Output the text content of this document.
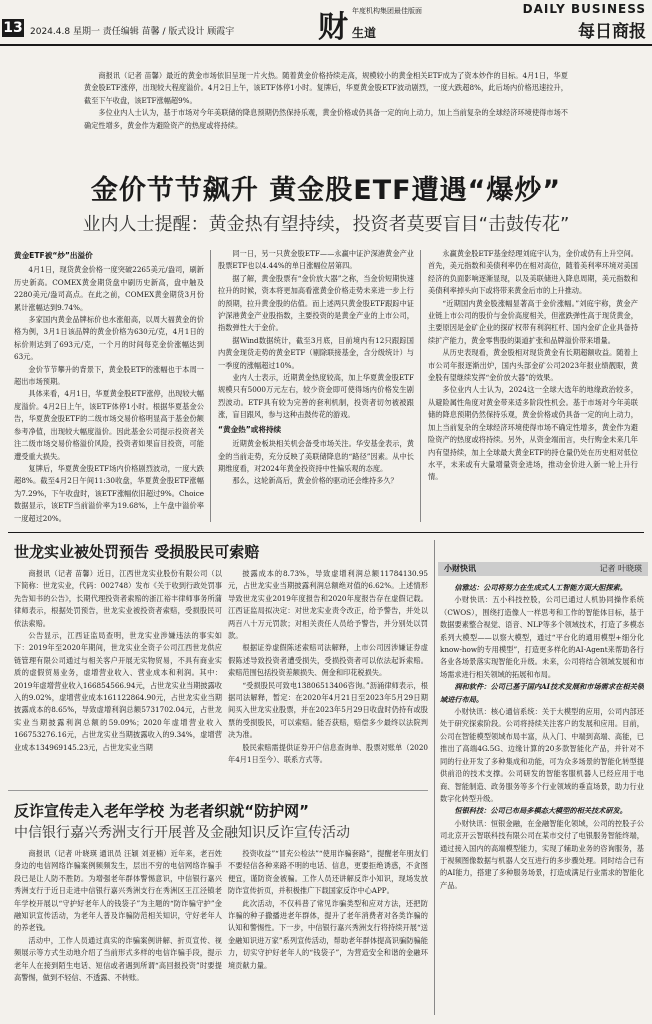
13 2024.4.8 星期一 责任编辑 苗馨 / 版式设计 顾霞宇	财 年度机构集团最佳版面
生道
DAILY BUSINESS
每日商报

商报讯（记者 苗馨）最近的黄金市场依旧呈现一片火热。随着黄金价格持续走高，规模较小的黄金相关ETF成为了资本炒作的目标。4月1日，华夏黄金股ETF涨停，出现较大程度溢价。4月2日上午，该ETF体停1小时。复牌后，华夏黄金股ETF波动剧烈，一度大跌超8%，此后场内价格迅速拉升，截至下午收盘，该ETF涨幅超9%。

多位业内人士认为，基于市场对今年美联储的降息预期仍然保持乐观，黄金价格或仍具备一定的向上动力，加上当前复杂的全球经济环境使得市场不确定性增多，黄金作为避险资产的热度或将持续。

金价节节飙升 黄金股ETF遭遇“爆炒”
业内人士提醒：黄金热有望持续，投资者莫要盲目“击鼓传花”
黄金ETF被“炒”出溢价

4月1日，现货黄金价格一度突破2265美元/盎司，刷新历史新高。COMEX黄金期货盘中刷历史新高，盘中触及2280美元/盎司高点。在此之前，COMEX黄金期货3月份累计涨幅达到9.74%。

多家国内黄金品牌标价也水涨船高，以周大福黄金的价格为例，3月1日该品牌的黄金价格为630元/克，4月1日的标价则达到了693元/克，一个月的时间每克金价涨幅达到63元。

金价节节攀升的背景下，黄金股ETF的涨幅也于本周一超出市场预期。

具体来看，4月1日，华夏黄金股ETF涨停，出现较大幅度溢价。4月2日上午，该ETF体停1小时。根据华夏基金公告，华夏黄金股ETF的二级市场交易价格明显高于基金份额参考净值，出现较大幅度溢价。因此基金公司提示投资者关注二级市场交易价格溢价风险，投资者如果盲目投资，可能遭受重大损失。

复牌后，华夏黄金股ETF场内价格剧烈波动，一度大跌超8%。截至4月2日午间11:30收盘，华夏黄金股ETF涨幅为7.29%，下午收盘时，该ETF涨幅依旧超过9%。Choice数据显示，该ETF当前溢价率为19.68%，上午盘中溢价率一度超过20%。

同一日，另一只黄金股ETF——永赢中证沪深港黄金产业股票ETF也以4.44%的单日涨幅位居第四。

据了解，黄金股票有“金价放大器”之称，当金价短期快速拉升的时候，资本将更加高看涨黄金价格走势未来进一步上行的预期，拉升黄金股的估值。而上述两只黄金股ETF跟踪中证沪深港黄金产业股指数，主要投资的是黄金产业的上市公司，指数弹性大于金价。

据Wind数据统计，截至3月底，目前境内有12只跟踪国内黄金现货走势的黄金ETF（剔除联接基金，含分级统计）与一季度的涨幅超过10%。

业内人士表示，近期黄金热度较高，加上华夏黄金股ETF规模只有5000万元左右，较少资金即可使得场内价格发生剧烈波动。ETF具有较为完善的套利机制，投资者切勿被被跟涨，盲目跟风，参与这种击鼓传花的游戏。

“黄金热”或将持续

近期黄金板块相关机会备受市场关注。华安基金表示，黄金的当前走势，充分反映了美联储降息的“路径”因素。从中长期维度看，对2024年黄金投资持中性偏乐观的态度。

那么，这轮新高后，黄金价格的驱动还会维持多久？

永赢黄金股ETF基金经理刘庭宇认为，金价或仍有上升空间。首先，美元指数和美债利率仍在相对高位，随着美利率环境对美国经济的负面影响逐渐显现，以及美联储进入降息周期，美元指数和美债利率掉头向下或将带来黄金后市的上升推动。

“近期国内黄金股涨幅显著高于金价涨幅。”刘庭宇称，黄金产业链上市公司的股价与金价高度相关，但涨跌弹性高于现货黄金，主要原因是金矿企业的探矿权带有利润杠杆、国内金矿企业具备持续扩产能力，黄金零售股的渠道扩张和品牌溢价带来增量。

从历史表现看，黄金股相对现货黄金有长期超额收益。随着上市公司年报逐渐出炉，国内头部金矿公司2023年报业绩靓眼，黄金股有望继续发挥“金价放大器”的效果。

多位业内人士认为，2024这一全球大选年的地缘政治较多，从避险属性角度对黄金带来适多阶段性机会。基于市场对今年美联储的降息预期仍然保持乐观，黄金价格或仍具备一定的向上动力，加上当前复杂的全球经济环境使得市场不确定性增多，黄金作为避险资产的热度或将持续。另外，从资金端而言，央行购金未来几年内有望持续，加上全球最大黄金ETF的持仓量仍处在历史相对低位水平，未来或有大量增量资金进场，推动金价进入新一轮上升行情。

世龙实业被处罚预告 受损股民可索赔

商报讯（记者 苗馨）近日，江西世龙实业股份有限公司（以下简称：世龙实业，代码：002748）发布《关于收到行政处罚事先告知书的公告》，长期代理投资者索赔的浙江裕丰律师事务所蒲律师表示，根据处罚预告，世龙实业被投资者索赔，受损股民可依法索赔。

公告显示，江西证监局查明，世龙实业涉嫌违法的事实如下：2019年至2020年期间，世龙实业全资子公司江西世龙供应链管理有限公司通过与相关客户开展无实物贸易，不具有商业实质的虚假贸易业务，虚增营业收入、营业成本和利润。其中：2019年虚增营业收入166854566.94元，占世龙实业当期披露收入的9.02%，虚增营业成本161122864.90元，占世龙实业当期披露成本的8.65%，导致虚增利润总额5731702.04元，占世龙实业当期披露利润总额的59.09%；2020年虚增营业收入166753276.16元，占世龙实业当期披露收入的9.34%，虚增营业成本134969145.23元，占世龙实业当期

披露成本的8.73%，导致虚增利润总额11784130.95元，占世龙实业当期披露利润总额绝对值的6.62%。上述情形导致世龙实业2019年度报告和2020年度报告存在虚假记载。江西证监局拟决定：对世龙实业责令改正，给予警告，并处以两百八十万元罚款；对相关责任人员给予警告，并分别处以罚款。

根据证券虚假陈述索赔司法解释，上市公司因涉嫌证券虚假陈述导致投资者遭受损失，受损投资者可以依法起诉索赔。索赔范围包括投资差额损失、佣金和印花税损失。

“受损股民可致电13806513406咨询。”沥涌律师表示，根据司法解释，暂定：在2020年4月21日至2023年5月29日期间买入世龙实业股票，并在2023年5月29日收盘时仍持有或股票的受损股民，可以索赔。能否获赔，赔偿多少最终以法院判决为准。

股民索赔需提供证券开户信息查询单、股票对账单（2020年4月1日至今）、联系方式等。

小财快讯	记者 叶晓瑛

信雅达：公司将努力在生成式人工智能方面大胆探索。

小财快讯：五小科技控股，公司已通过人机协同操作系统（CWOS），围绕打造像人一样思考和工作的智能体目标，基于数据要素整合视觉、语音、NLP等多个领域技术，打造了多模态系列大模型——以察大模型，通过“平台化的通用模型+细分化know-how的专用模型”，打造更多样化的AI-Agent来帮助各行各业各场景落实现智能化升级。未来，公司将结合领域发展和市场需求进行相关领域的拓展和布局。

润和软件：公司已基于国内AI技术发展和市场需求在相关领域进行布局。

小财快讯：核心通信系统：关于大模型的应用，公司内部还处于研究探索阶段。公司将持续关注客户的发展和应用。目前，公司在智能模型领域布局丰富，从入门、中端到高端、高能，已推出了高端4G.5G、边缘计算的20多款智能化产品，并针对不同的行业开发了多种集成和功能，可为众多场景的智能化转型提供前沿的技术支撑。公司研发的智能客服机器人已经应用于电商、智能制造、政务服务等多个行业领域的垂直场景，助力行业数字化转型升级。

恒银科技：公司已布局多模态大模型的相关技术研发。

小财快讯：恒银金融，在金融智能化领域，公司的控股子公司北京开云智联科技有限公司在某市交付了电银服务智能终端，通过接入国内的高端模型能力，实现了辅助业务的咨询服务，基于视频图像数据与机器人交互进行的多步骤处理。同时结合已有的AI能力，搭建了多种服务场景，打造成满足行业需求的智能化产品。

反诈宣传走入老年学校 为老者织就“防护网”
中信银行嘉兴秀洲支行开展普及金融知识反诈宣传活动

商报讯（记者 叶晓瑛 通讯员 汪颖 刘亚楠）近年来，老百姓身边的电信网络诈骗案例频频发生，层出不穷的电信网络诈骗手段已是让人防不胜防。为增强老年群体警惕意识，中信银行嘉兴秀洲支行于近日走进中信银行嘉兴秀洲支行在秀洲区王江泾镇老年学校开展以“守护好老年人的钱袋子”为主题的“防诈骗守护”金融知识宣传活动，为老年人普及诈骗防范相关知识，守好老年人的养老钱。

活动中，工作人员通过真实的诈骗案例讲解、折页宣传、视频展示等方式生动地介绍了当前形式多样的电信诈骗手段，提示老年人在接到陌生电话、短信或者遇到所谓“高回报投资”时要提高警惕，做到不轻信、不透露、不转账。

投资收益”“冒充公检法”“使用诈骗套路”，提醒老年朋友们不要轻信各种来路不明的电话、信息，更要拒绝诱惑，不贪图便宜，谨防资金被骗。工作人员还讲解反诈小知识，现场发放防诈宣传折页，并积极推广下载国家反诈中心APP。

此次活动，不仅科普了常见诈骗类型和应对方法，还把防诈骗的种子撒播进老年群体，提升了老年消费者对各类诈骗的认知和警惕性。下一步，中信银行嘉兴秀洲支行将持续开展“送金融知识进万家”系列宣传活动，帮助老年群体提高识骗防骗能力，切实守护好老年人的“钱袋子”，为营造安全和谐的金融环境贡献力量。
